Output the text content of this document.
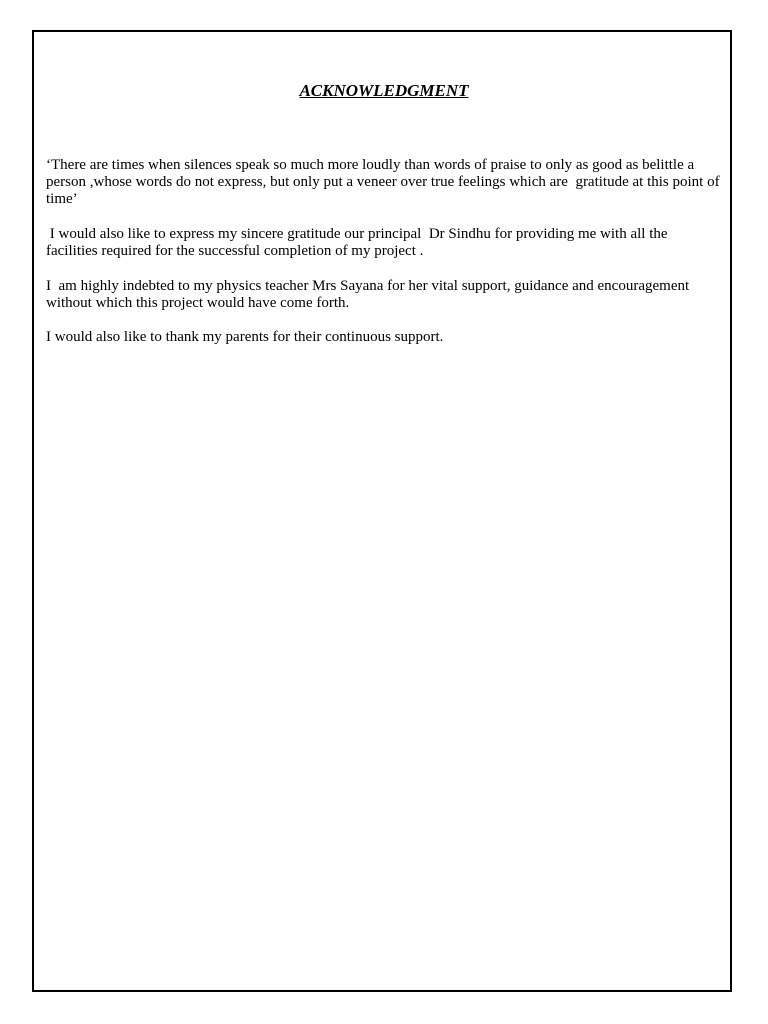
ACKNOWLEDGMENT

‘There are times when silences speak so much more loudly than words of praise to only as good as belittle a person ,whose words do not express, but only put a veneer over true feelings which are  gratitude at this point of time’

I would also like to express my sincere gratitude our principal  Dr Sindhu for providing me with all the facilities required for the successful completion of my project .

I  am highly indebted to my physics teacher Mrs Sayana for her vital support, guidance and encouragement without which this project would have come forth.

I would also like to thank my parents for their continuous support.
